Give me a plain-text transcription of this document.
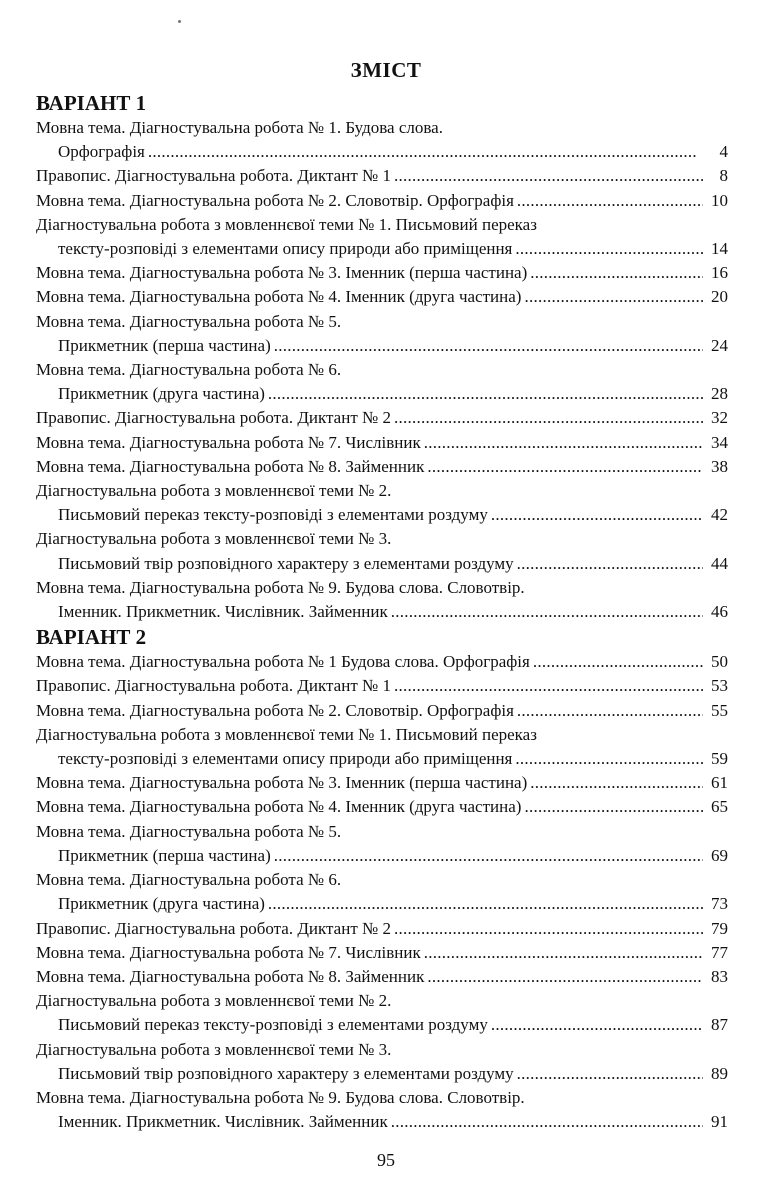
ЗМІСТ
ВАРІАНТ 1
Мовна тема. Діагностувальна робота № 1. Будова слова.
Орфографія . . .	4
Правопис. Діагностувальна робота. Диктант № 1 . . .	8
Мовна тема. Діагностувальна робота № 2. Словотвір. Орфографія . . .	10
Діагностувальна робота з мовленнєвої теми № 1. Письмовий переказ
тексту-розповіді з елементами опису природи або приміщення . . .	14
Мовна тема. Діагностувальна робота № 3. Іменник (перша частина) . . .	16
Мовна тема. Діагностувальна робота № 4. Іменник (друга частина) . . .	20
Мовна тема. Діагностувальна робота № 5.
Прикметник (перша частина) . . .	24
Мовна тема. Діагностувальна робота № 6.
Прикметник (друга частина) . . .	28
Правопис. Діагностувальна робота. Диктант № 2 . . .	32
Мовна тема. Діагностувальна робота № 7. Числівник . . .	34
Мовна тема. Діагностувальна робота № 8. Займенник . . .	38
Діагностувальна робота з мовленнєвої теми № 2.
Письмовий переказ тексту-розповіді з елементами роздуму . . .	42
Діагностувальна робота з мовленнєвої теми № 3.
Письмовий твір розповідного характеру з елементами роздуму . . .	44
Мовна тема. Діагностувальна робота № 9. Будова слова. Словотвір.
Іменник. Прикметник. Числівник. Займенник . . .	46
ВАРІАНТ 2
Мовна тема. Діагностувальна робота № 1 Будова слова. Орфографія . . .	50
Правопис. Діагностувальна робота. Диктант № 1 . . .	53
Мовна тема. Діагностувальна робота № 2. Словотвір. Орфографія . . .	55
Діагностувальна робота з мовленнєвої теми № 1. Письмовий переказ
тексту-розповіді з елементами опису природи або приміщення . . .	59
Мовна тема. Діагностувальна робота № 3. Іменник (перша частина) . . .	61
Мовна тема. Діагностувальна робота № 4. Іменник (друга частина) . . .	65
Мовна тема. Діагностувальна робота № 5.
Прикметник (перша частина) . . .	69
Мовна тема. Діагностувальна робота № 6.
Прикметник (друга частина) . . .	73
Правопис. Діагностувальна робота. Диктант № 2 . . .	79
Мовна тема. Діагностувальна робота № 7. Числівник . . .	77
Мовна тема. Діагностувальна робота № 8. Займенник . . .	83
Діагностувальна робота з мовленнєвої теми № 2.
Письмовий переказ тексту-розповіді з елементами роздуму . . .	87
Діагностувальна робота з мовленнєвої теми № 3.
Письмовий твір розповідного характеру з елементами роздуму . . .	89
Мовна тема. Діагностувальна робота № 9. Будова слова. Словотвір.
Іменник. Прикметник. Числівник. Займенник . . .	91
95
